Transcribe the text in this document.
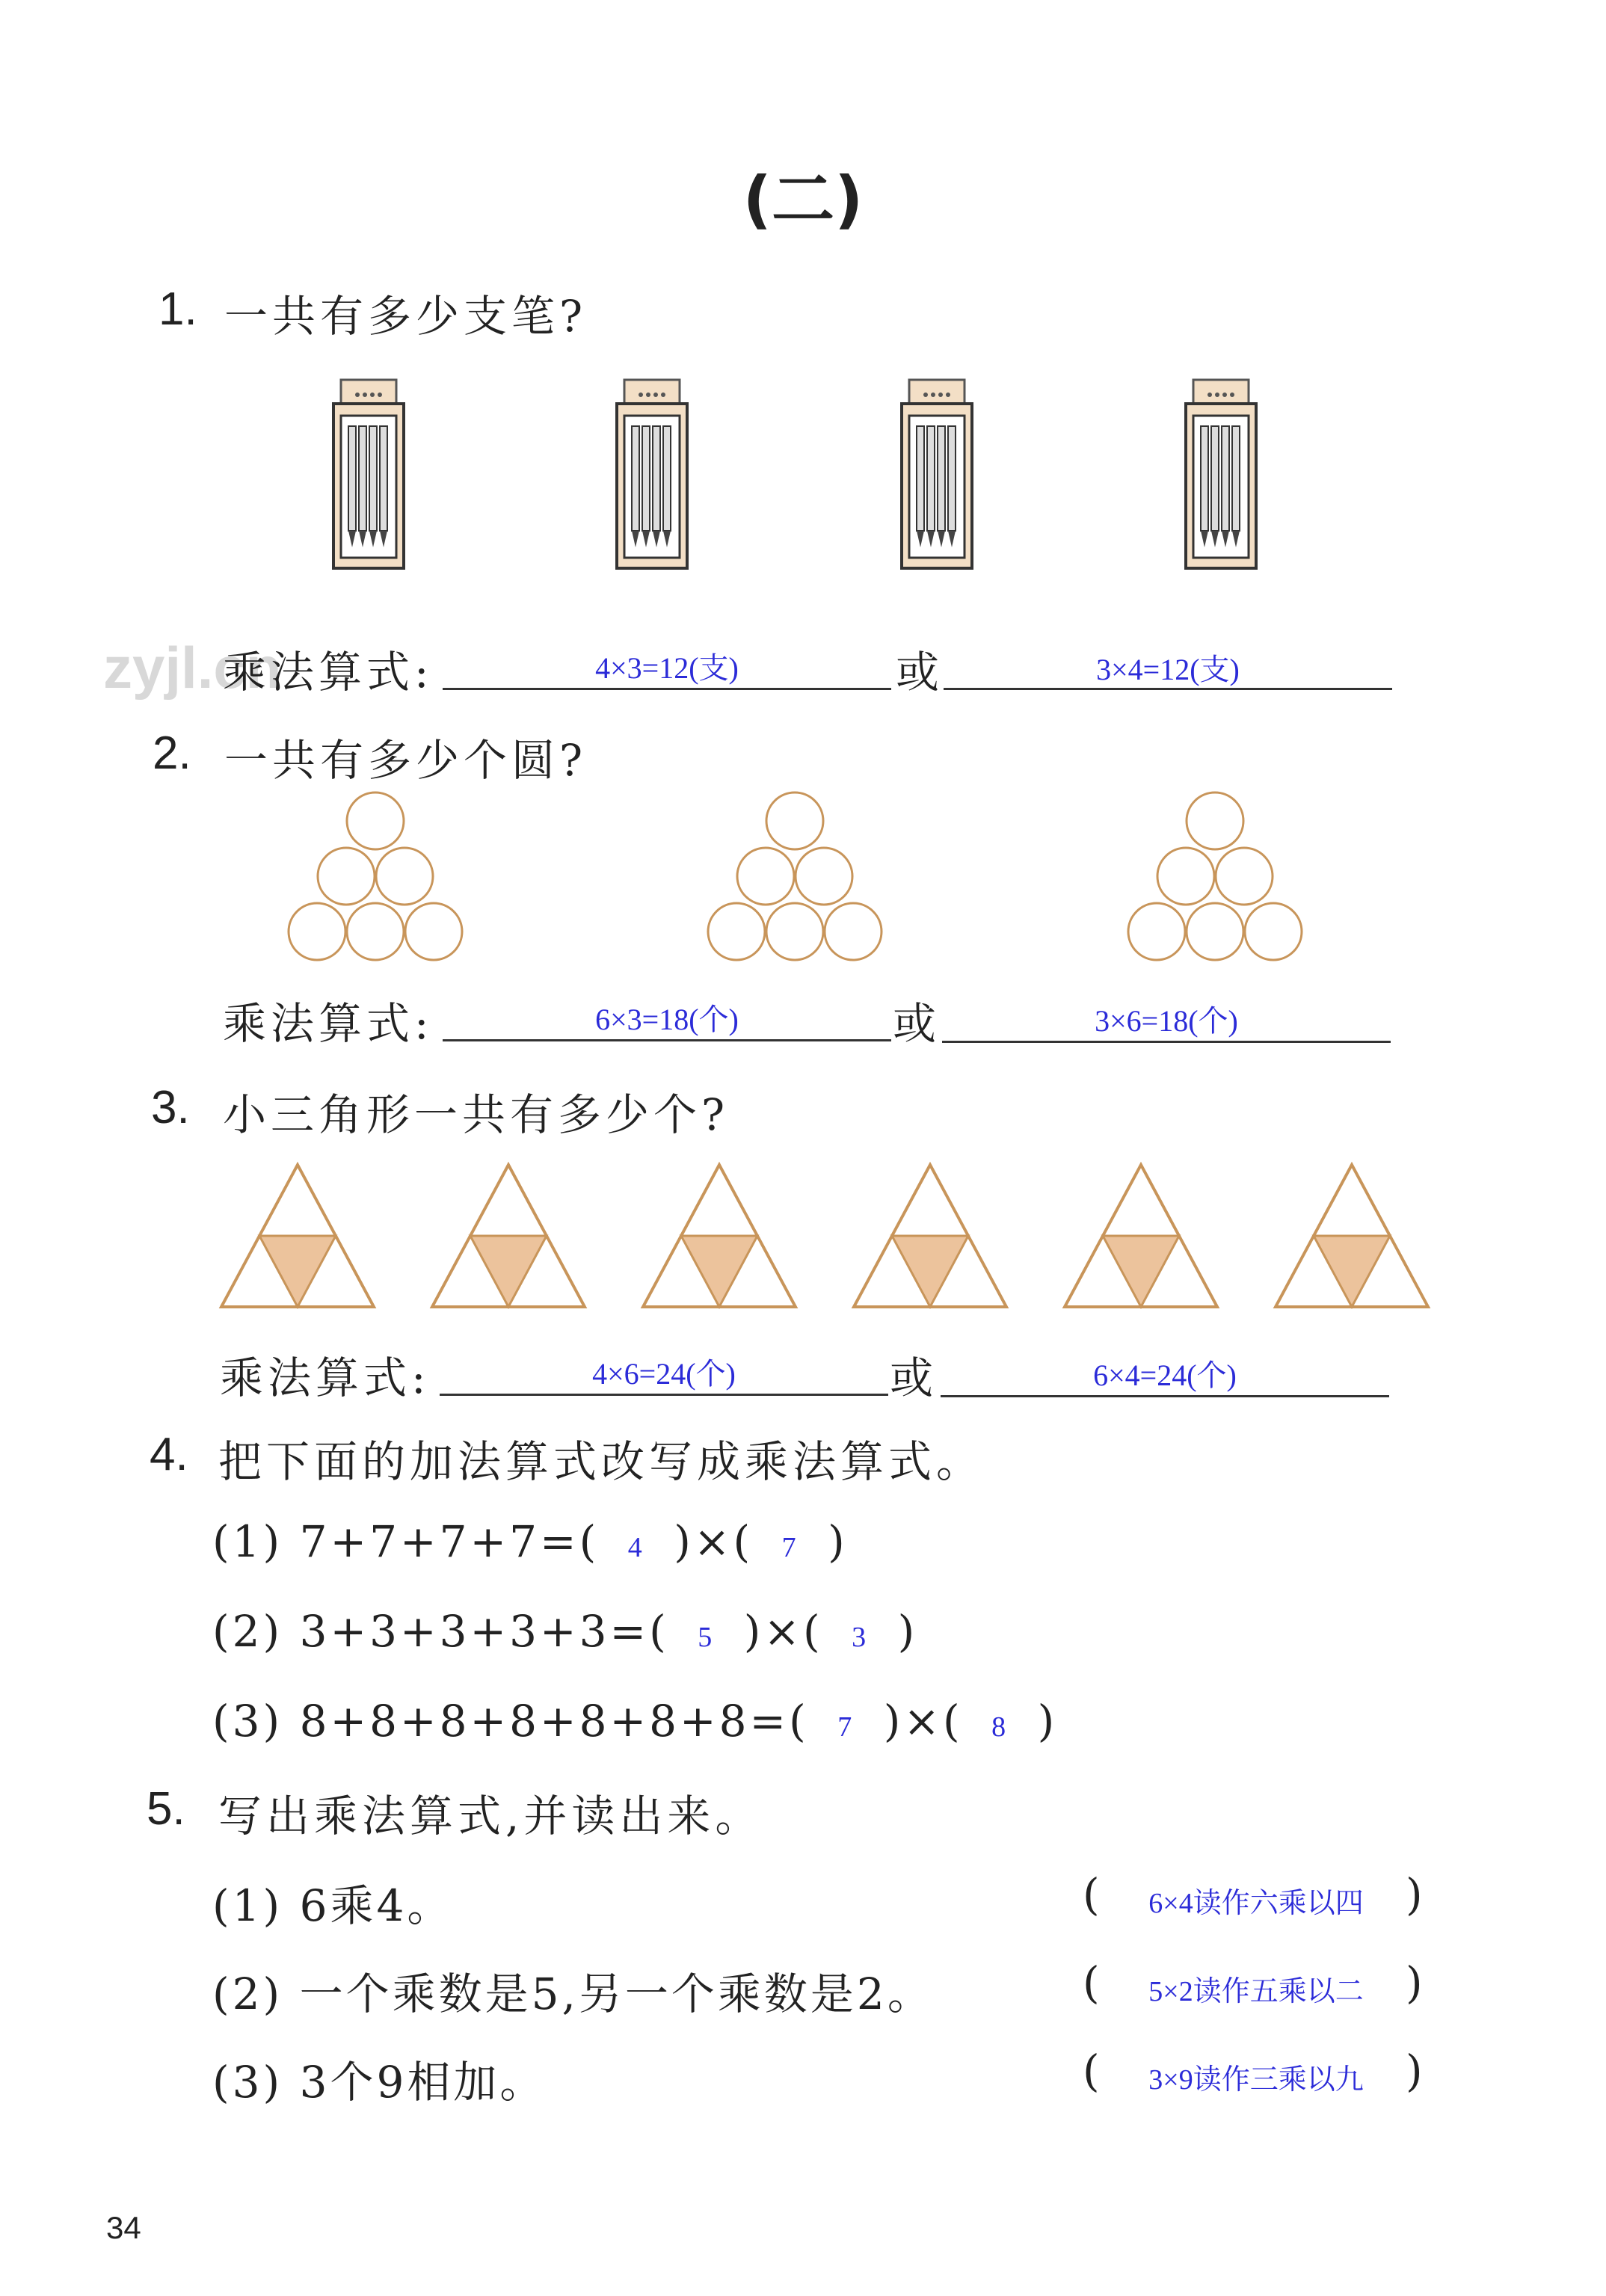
(二)
1. 一共有多少支笔?
zyjl.cn
乘法算式:	4×3=12(支)	或	3×4=12(支)
2. 一共有多少个圆?
乘法算式:	6×3=18(个)	或	3×6=18(个)
3. 小三角形一共有多少个?
乘法算式:	4×6=24(个)	或	6×4=24(个)
4. 把下面的加法算式改写成乘法算式。
(1) 7+7+7+7=( 4 )×( 7 )
(2) 3+3+3+3+3=( 5 )×( 3 )
(3) 8+8+8+8+8+8+8=( 7 )×( 8 )
5. 写出乘法算式,并读出来。
(1) 6乘4。	(	6×4读作六乘以四 )
(2) 一个乘数是5,另一个乘数是2。	(	5×2读作五乘以二 )
(3) 3个9相加。	(	3×9读作三乘以九 )
34
